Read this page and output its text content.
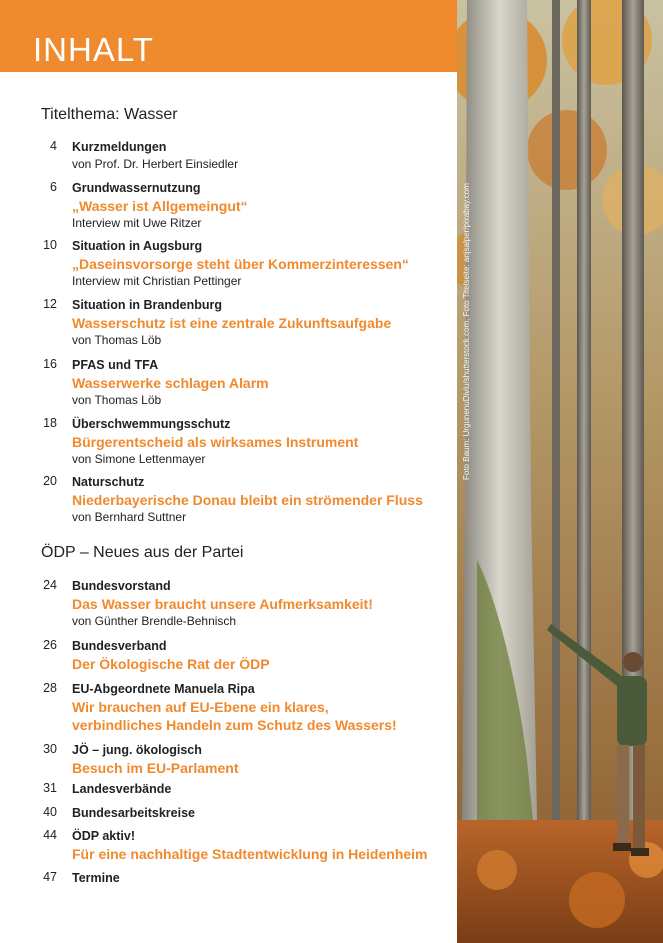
INHALT
Foto Baum: UrgunenuDiviu/shutterstock.com, Foto Titelseite: anjsalper/pixabay.com
Titelthema: Wasser
4 Kurzmeldungen
von Prof. Dr. Herbert Einsiedler
6 Grundwassernutzung
„Wasser ist Allgemeingut“
Interview mit Uwe Ritzer
10 Situation in Augsburg
„Daseinsvorsorge steht über Kommerzinteressen“
Interview mit Christian Pettinger
12 Situation in Brandenburg
Wasserschutz ist eine zentrale Zukunftsaufgabe
von Thomas Löb
16 PFAS und TFA
Wasserwerke schlagen Alarm
von Thomas Löb
18 Überschwemmungsschutz
Bürgerentscheid als wirksames Instrument
von Simone Lettenmayer
20 Naturschutz
Niederbayerische Donau bleibt ein strömender Fluss
von Bernhard Suttner
ÖDP – Neues aus der Partei
24 Bundesvorstand
Das Wasser braucht unsere Aufmerksamkeit!
von Günther Brendle-Behnisch
26 Bundesverband
Der Ökologische Rat der ÖDP
28 EU-Abgeordnete Manuela Ripa
Wir brauchen auf EU-Ebene ein klares,
verbindliches Handeln zum Schutz des Wassers!
30 JÖ – jung. ökologisch
Besuch im EU-Parlament
31 Landesverbände
40 Bundesarbeitskreise
44 ÖDP aktiv!
Für eine nachhaltige Stadtentwicklung in Heidenheim
47 Termine
